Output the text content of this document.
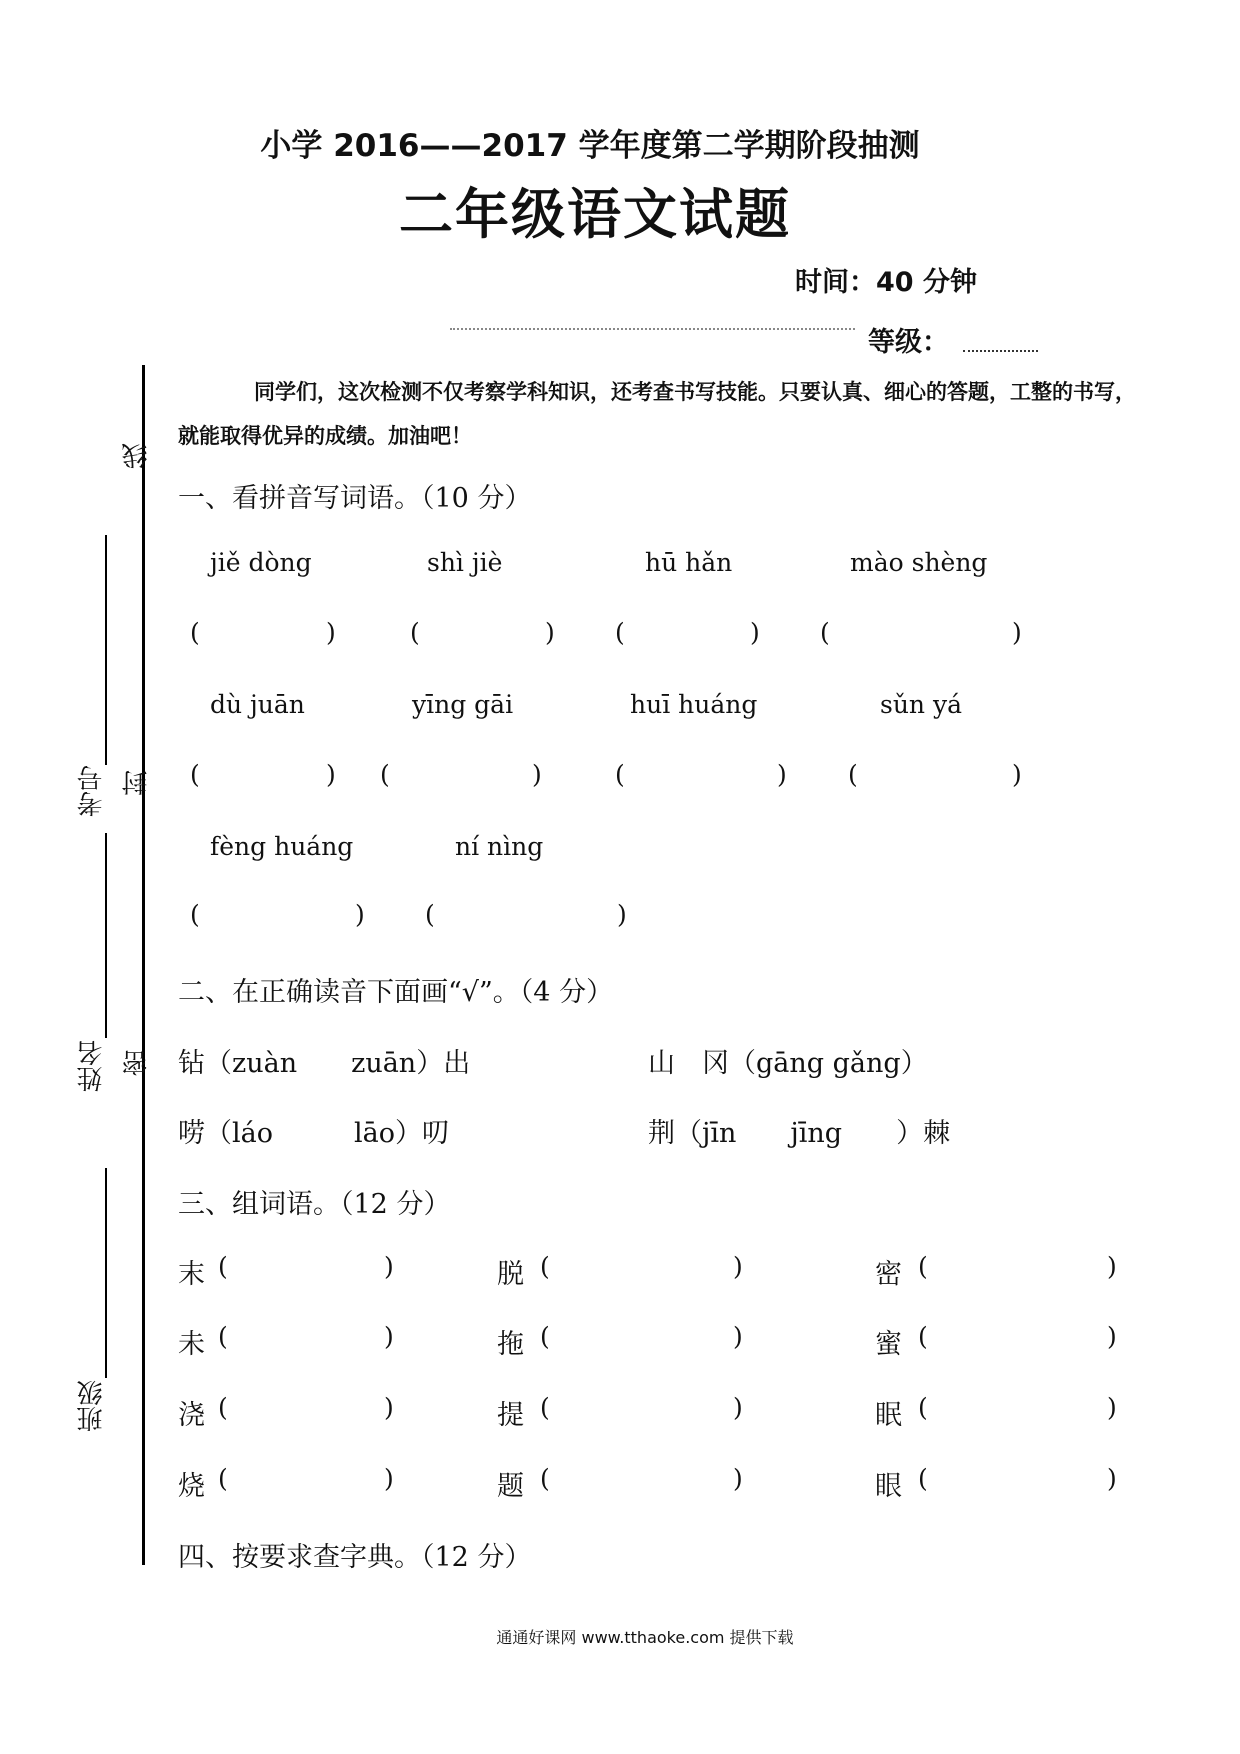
小学 2016——2017 学年度第二学期阶段抽测
二年级语文试题
时间：40 分钟
等级：
线
考号 封
姓名 密
班级
同学们，这次检测不仅考察学科知识，还考查书写技能。只要认真、细心的答题，工整的书写，就能取得优异的成绩。加油吧！
一、看拼音写词语。（10 分）
jiě dòng	shì jiè	hū hǎn	mào shèng
(	)	(	) (	) (	)
dù juān	yīng gāi	huī huáng	sǔn yá
(	) (	)	(	) (	)
fèng huáng	ní nìng
(	) (	)
二、在正确读音下面画“√”。（4 分）
钻（zuàn　　zuān）出	山　冈（gāng gǎng）
唠（láo　　　lāo）叨	荆（jīn　　jīng　　）棘
三、组词语。（12 分）
末 (	)	脱 (	)	密 (	)
未 (	)	拖 (	)	蜜 (	)
浇 (	)	提 (	)	眠 (	)
烧 (	)	题 (	)	眼 (	)
四、按要求查字典。（12 分）
通通好课网 www.tthaoke.com 提供下载
